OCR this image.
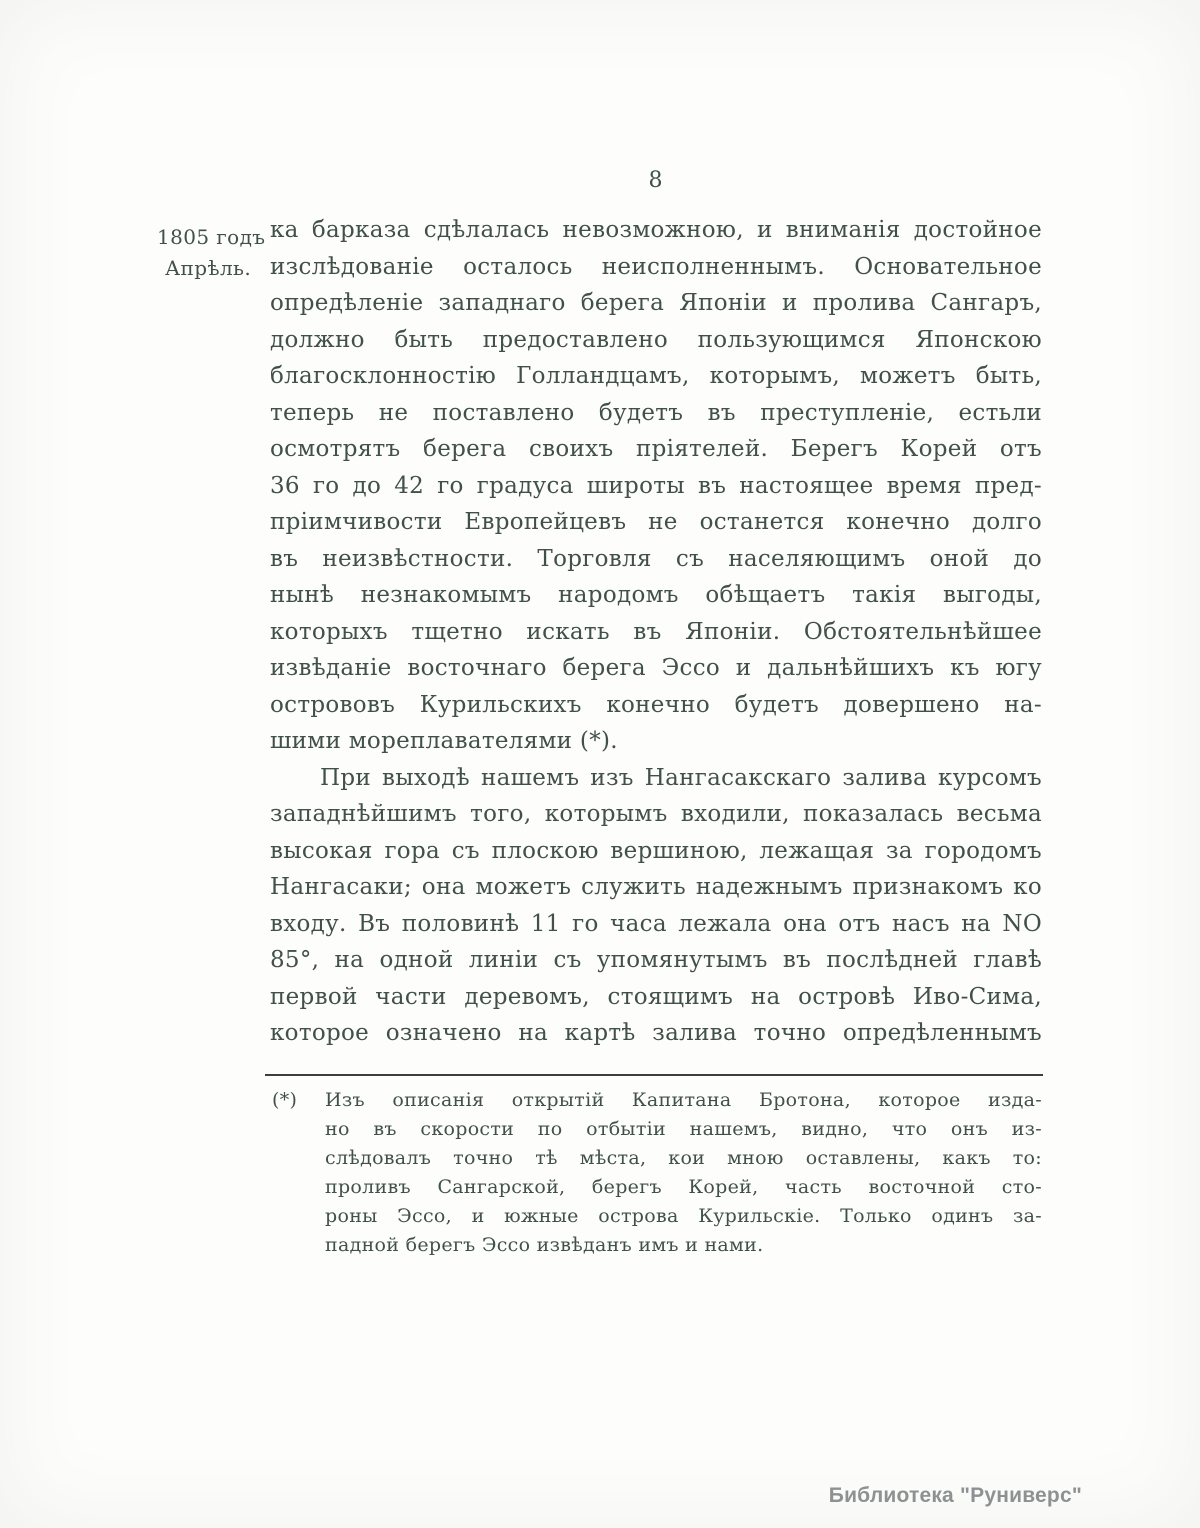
8
1805 годъ
Апрѣль.
ка барказа сдѣлалась невозможною, и вниманія достойное
изслѣдованіе осталось неисполненнымъ. Основательное
опредѣленіе западнаго берега Японіи и пролива Сангаръ,
должно быть предоставлено пользующимся Японскою
благосклонностію Голландцамъ, которымъ, можетъ быть,
теперь не поставлено будетъ въ преступленіе, естьли
осмотрятъ берега своихъ пріятелей. Берегъ Корей отъ
36 го до 42 го градуса широты въ настоящее время пред-
пріимчивости Европейцевъ не останется конечно долго
въ неизвѣстности. Торговля съ населяющимъ оной до
нынѣ незнакомымъ народомъ обѣщаетъ такія выгоды,
которыхъ тщетно искать въ Японіи. Обстоятельнѣйшее
извѣданіе восточнаго берега Эссо и дальнѣйшихъ къ югу
острововъ Курильскихъ конечно будетъ довершено на-
шими мореплавателями (*).
При выходѣ нашемъ изъ Нангасакскаго залива курсомъ
западнѣйшимъ того, которымъ входили, показалась весьма
высокая гора съ плоскою вершиною, лежащая за городомъ
Нангасаки; она можетъ служить надежнымъ признакомъ ко
входу. Въ половинѣ 11 го часа лежала она отъ насъ на NO
85°, на одной линіи съ упомянутымъ въ послѣдней главѣ
первой части деревомъ, стоящимъ на островѣ Иво-Сима,
которое означено на картѣ залива точно опредѣленнымъ
(*) Изъ описанія открытій Капитана Бротона, которое изда-
но въ скорости по отбытіи нашемъ, видно, что онъ из-
слѣдовалъ точно тѣ мѣста, кои мною оставлены, какъ то:
проливъ Сангарской, берегъ Корей, часть восточной сто-
роны Эссо, и южные острова Курильскіе. Только одинъ за-
падной берегъ Эссо извѣданъ имъ и нами.
Библиотека "Руниверс"
